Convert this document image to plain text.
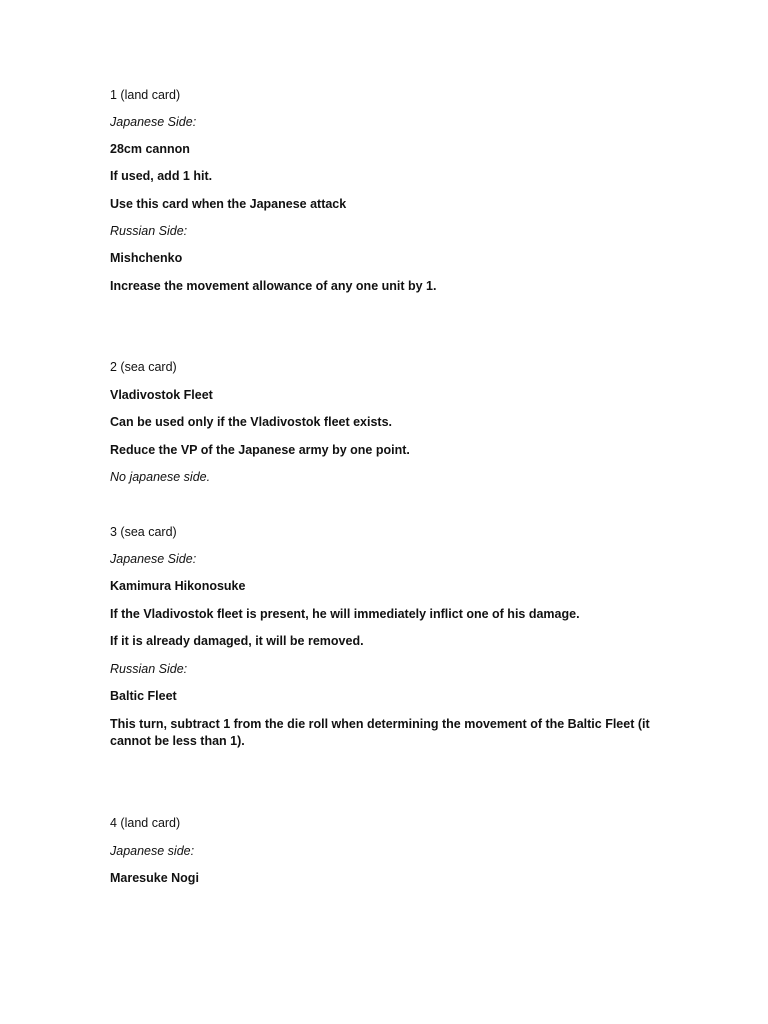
1 (land card)
Japanese Side:
28cm cannon
If used, add 1 hit.
Use this card when the Japanese attack
Russian Side:
Mishchenko
Increase the movement allowance of any one unit by 1.
2 (sea card)
Vladivostok Fleet
Can be used only if the Vladivostok fleet exists.
Reduce the VP of the Japanese army by one point.
No japanese side.
3 (sea card)
Japanese Side:
Kamimura Hikonosuke
If the Vladivostok fleet is present, he will immediately inflict one of his damage.
If it is already damaged, it will be removed.
Russian Side:
Baltic Fleet
This turn, subtract 1 from the die roll when determining the movement of the Baltic Fleet (it cannot be less than 1).
4 (land card)
Japanese side:
Maresuke Nogi
